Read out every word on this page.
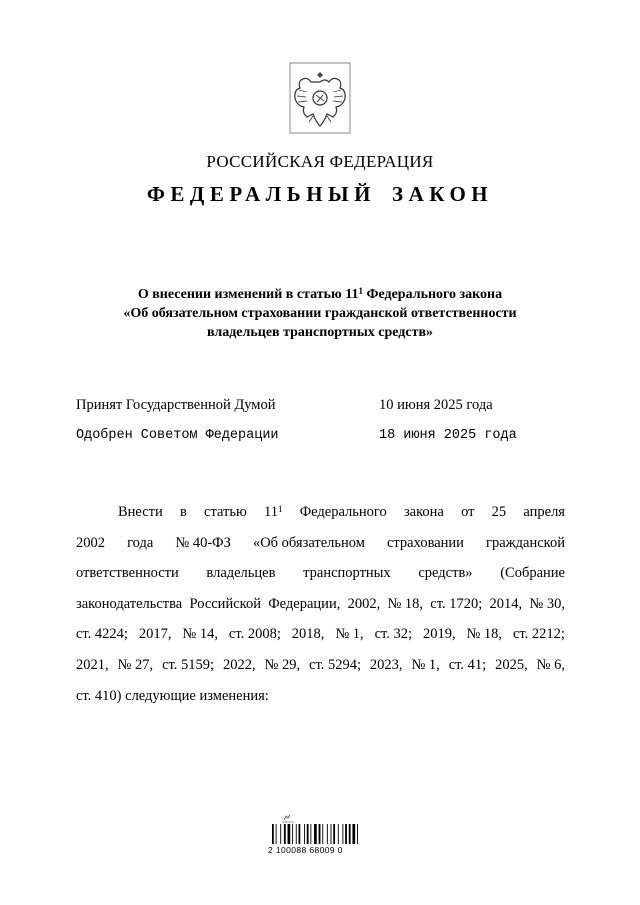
РОССИЙСКАЯ ФЕДЕРАЦИЯ
ФЕДЕРАЛЬНЫЙ ЗАКОН
О внесении изменений в статью $11^1$ Федерального закона
«Об обязательном страховании гражданской ответственности
владельцев транспортных средств»
Принят Государственной Думой	10 июня 2025 года
Одобрен Советом Федерации	18 июня 2025 года
Внести в статью $11^1$ Федерального закона от 25 апреля
2002 года № 40-ФЗ «Об обязательном страховании гражданской
ответственности владельцев транспортных средств» (Собрание
законодательства Российской Федерации, 2002, № 18, ст. 1720; 2014, № 30,
ст. 4224; 2017, № 14, ст. 2008; 2018, № 1, ст. 32; 2019, № 18, ст. 2212;
2021, № 27, ст. 5159; 2022, № 29, ст. 5294; 2023, № 1, ст. 41; 2025, № 6,
ст. 410) следующие изменения:
2 100088 68009 0
